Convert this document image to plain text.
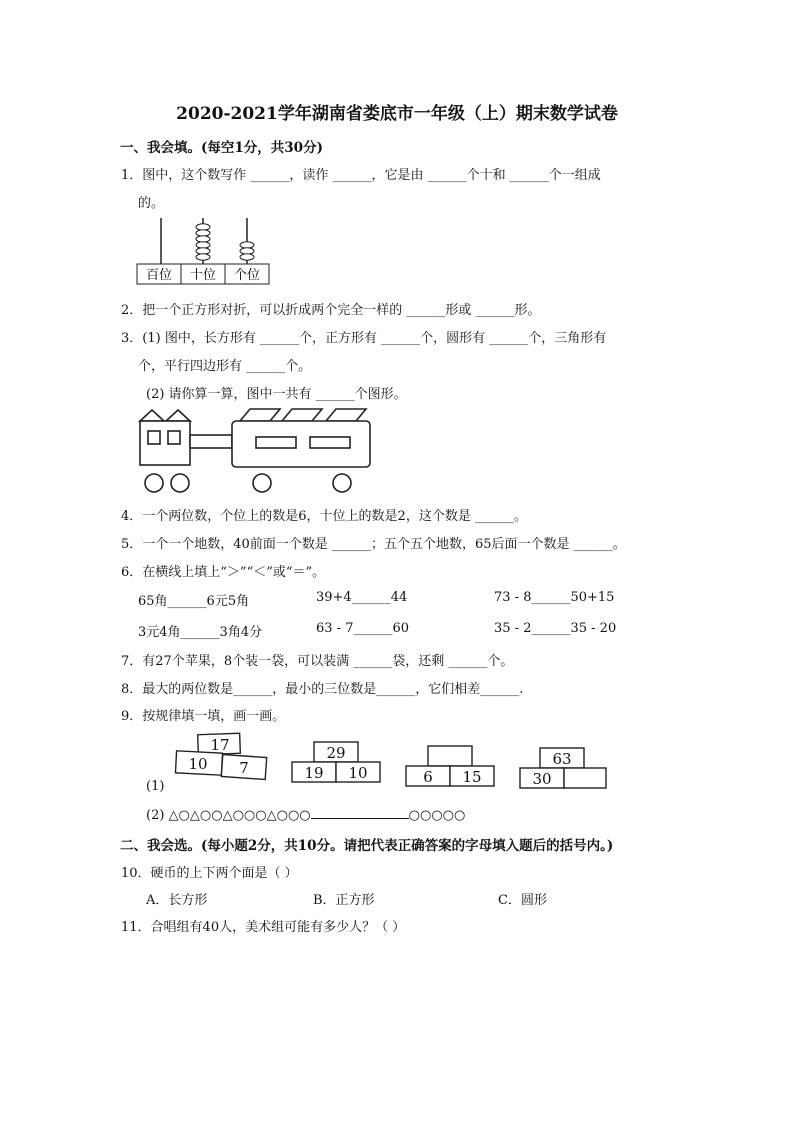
2020-2021学年湖南省娄底市一年级（上）期末数学试卷
一、我会填。(每空1分，共30分)
1．图中，这个数写作 ______，读作 ______，它是由 ______个十和 ______个一组成
的。
百位 十位 个位
2．把一个正方形对折，可以折成两个完全一样的 ______形或 ______形。
3．(1) 图中，长方形有 ______个，正方形有 ______个，圆形有 ______个，三角形有
个，平行四边形有 ______个。
(2) 请你算一算，图中一共有 ______个图形。
4．一个两位数，个位上的数是6，十位上的数是2，这个数是 ______。
5．一个一个地数，40前面一个数是 ______；五个五个地数，65后面一个数是 ______。
6．在横线上填上“＞”“＜”或“＝”。
65角______6元5角	39+4______44	73 - 8______50+15
3元4角______3角4分	63 - 7______60	35 - 2______35 - 20
7．有27个苹果，8个装一袋，可以装满 ______袋，还剩 ______个。
8．最大的两位数是______，最小的三位数是______，它们相差______.
9．按规律填一填，画一画。
17
10 7
29
19 10	6 15
63
30
(1)
(2) △○△○○△○○○△○○○	○○○○○
二、我会选。(每小题2分，共10分。请把代表正确答案的字母填入题后的括号内。)
10．硬币的上下两个面是（ ）
A．长方形	B．正方形	C．圆形
11．合唱组有40人，美术组可能有多少人？（ ）
